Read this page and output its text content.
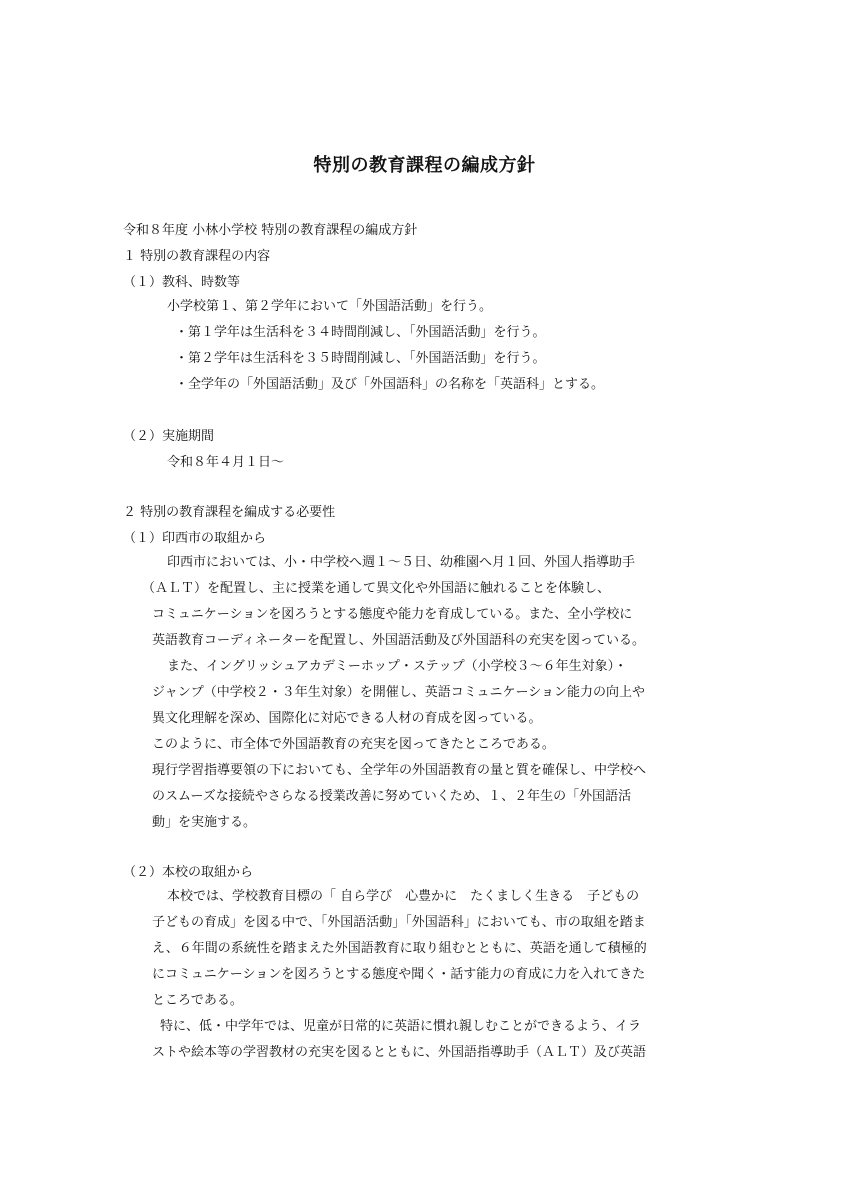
特別の教育課程の編成方針
令和８年度 小林小学校 特別の教育課程の編成方針
１ 特別の教育課程の内容
（１）教科、時数等
小学校第１、第２学年において「外国語活動」を行う。
・第１学年は生活科を３４時間削減し、「外国語活動」を行う。
・第２学年は生活科を３５時間削減し、「外国語活動」を行う。
・全学年の「外国語活動」及び「外国語科」の名称を「英語科」とする。
（２）実施期間
令和８年４月１日～
２ 特別の教育課程を編成する必要性
（１）印西市の取組から
印西市においては、小・中学校へ週１～５日、幼稚園へ月１回、外国人指導助手
（ＡＬＴ）を配置し、主に授業を通して異文化や外国語に触れることを体験し、
コミュニケーションを図ろうとする態度や能力を育成している。また、全小学校に
英語教育コーディネーターを配置し、外国語活動及び外国語科の充実を図っている。
また、イングリッシュアカデミーホップ・ステップ（小学校３～６年生対象）・
ジャンプ（中学校２・３年生対象）を開催し、英語コミュニケーション能力の向上や
異文化理解を深め、国際化に対応できる人材の育成を図っている。
このように、市全体で外国語教育の充実を図ってきたところである。
現行学習指導要領の下においても、全学年の外国語教育の量と質を確保し、中学校へ
のスムーズな接続やさらなる授業改善に努めていくため、１、２年生の「外国語活
動」を実施する。
（２）本校の取組から
本校では、学校教育目標の「 自ら学び　心豊かに　たくましく生きる　子どもの
子どもの育成」を図る中で、「外国語活動」「外国語科」においても、市の取組を踏ま
え、６年間の系統性を踏まえた外国語教育に取り組むとともに、英語を通して積極的
にコミュニケーションを図ろうとする態度や聞く・話す能力の育成に力を入れてきた
ところである。
特に、低・中学年では、児童が日常的に英語に慣れ親しむことができるよう、イラ
ストや絵本等の学習教材の充実を図るとともに、外国語指導助手（ＡＬＴ）及び英語
